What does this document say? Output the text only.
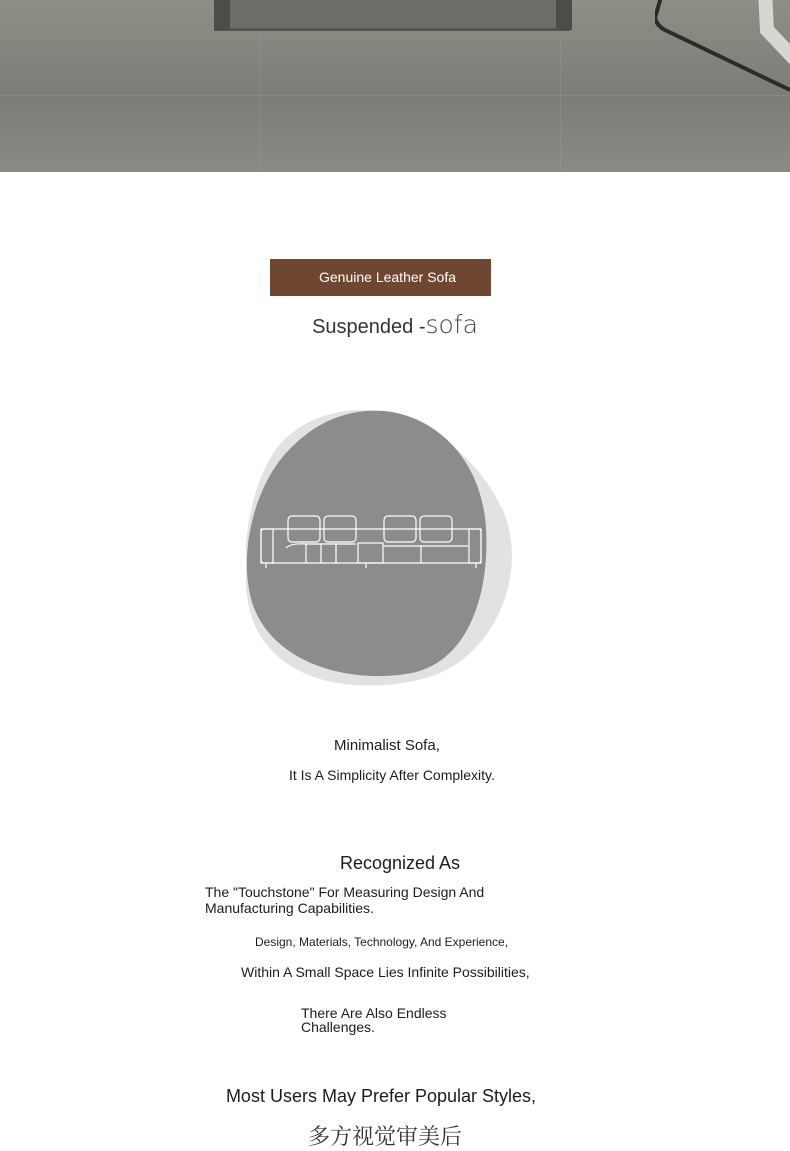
Genuine Leather Sofa
Suspended -sofa
Minimalist Sofa,
It Is A Simplicity After Complexity.
Recognized As
The "Touchstone" For Measuring Design And Manufacturing Capabilities.
Design, Materials, Technology, And Experience,
Within A Small Space Lies Infinite Possibilities,
There Are Also Endless Challenges.
Most Users May Prefer Popular Styles,
多方视觉审美后
